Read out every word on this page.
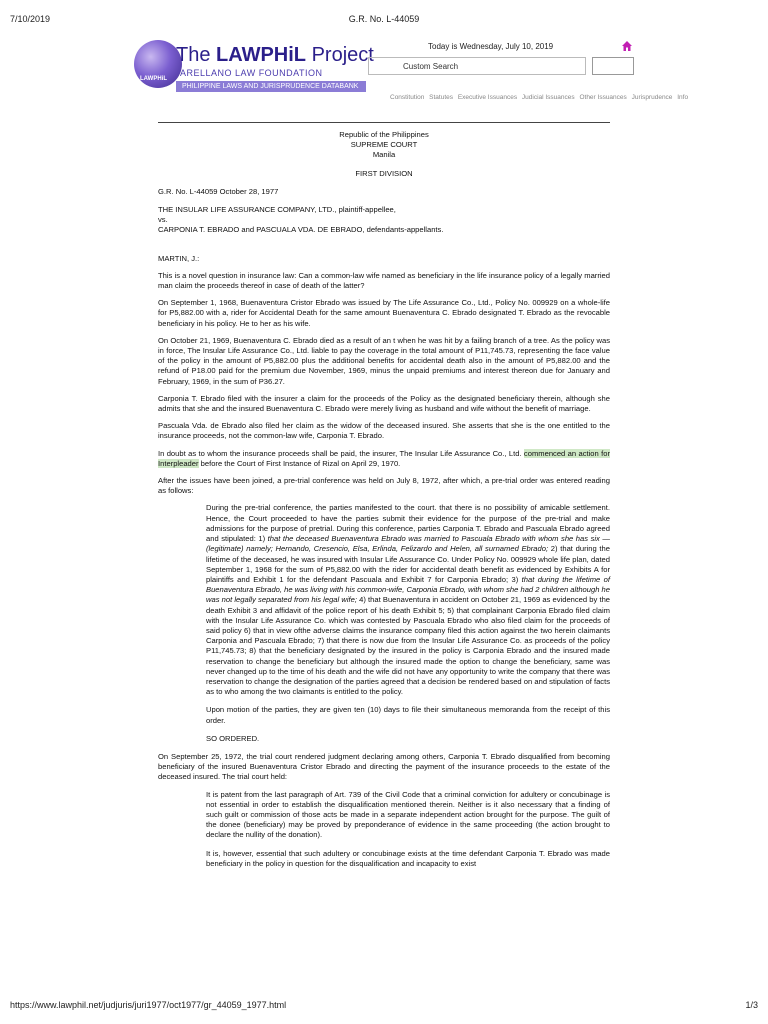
7/10/2019	G.R. No. L-44059
LAWPHiL
The LAWPHiL Project
ARELLANO LAW FOUNDATION
PHILIPPINE LAWS AND JURISPRUDENCE DATABANK
Today is Wednesday, July 10, 2019
Custom Search
Constitution Statutes Executive Issuances Judicial Issuances Other Issuances Jurisprudence Info
Republic of the Philippines
SUPREME COURT
Manila
FIRST DIVISION
G.R. No. L-44059 October 28, 1977
THE INSULAR LIFE ASSURANCE COMPANY, LTD., plaintiff-appellee,
vs.
CARPONIA T. EBRADO and PASCUALA VDA. DE EBRADO, defendants-appellants.

MARTIN, J.:

This is a novel question in insurance law: Can a common-law wife named as beneficiary in the life insurance policy of a legally married man claim the proceeds thereof in case of death of the latter?

On September 1, 1968, Buenaventura Cristor Ebrado was issued by The Life Assurance Co., Ltd., Policy No. 009929 on a whole-life for P5,882.00 with a, rider for Accidental Death for the same amount Buenaventura C. Ebrado designated T. Ebrado as the revocable beneficiary in his policy. He to her as his wife.

On October 21, 1969, Buenaventura C. Ebrado died as a result of an t when he was hit by a failing branch of a tree. As the policy was in force, The Insular Life Assurance Co., Ltd. liable to pay the coverage in the total amount of P11,745.73, representing the face value of the policy in the amount of P5,882.00 plus the additional benefits for accidental death also in the amount of P5,882.00 and the refund of P18.00 paid for the premium due November, 1969, minus the unpaid premiums and interest thereon due for January and February, 1969, in the sum of P36.27.

Carponia T. Ebrado filed with the insurer a claim for the proceeds of the Policy as the designated beneficiary therein, although she admits that she and the insured Buenaventura C. Ebrado were merely living as husband and wife without the benefit of marriage.

Pascuala Vda. de Ebrado also filed her claim as the widow of the deceased insured. She asserts that she is the one entitled to the insurance proceeds, not the common-law wife, Carponia T. Ebrado.

In doubt as to whom the insurance proceeds shall be paid, the insurer, The Insular Life Assurance Co., Ltd. commenced an action for Interpleader before the Court of First Instance of Rizal on April 29, 1970.

After the issues have been joined, a pre-trial conference was held on July 8, 1972, after which, a pre-trial order was entered reading as follows:

During the pre-trial conference, the parties manifested to the court. that there is no possibility of amicable settlement. Hence, the Court proceeded to have the parties submit their evidence for the purpose of the pre-trial and make admissions for the purpose of pretrial. During this conference, parties Carponia T. Ebrado and Pascuala Ebrado agreed and stipulated: 1) that the deceased Buenaventura Ebrado was married to Pascuala Ebrado with whom she has six — (legitimate) namely; Hernando, Cresencio, Elsa, Erlinda, Felizardo and Helen, all surnamed Ebrado; 2) that during the lifetime of the deceased, he was insured with Insular Life Assurance Co. Under Policy No. 009929 whole life plan, dated September 1, 1968 for the sum of P5,882.00 with the rider for accidental death benefit as evidenced by Exhibits A for plaintiffs and Exhibit 1 for the defendant Pascuala and Exhibit 7 for Carponia Ebrado; 3) that during the lifetime of Buenaventura Ebrado, he was living with his common-wife, Carponia Ebrado, with whom she had 2 children although he was not legally separated from his legal wife; 4) that Buenaventura in accident on October 21, 1969 as evidenced by the death Exhibit 3 and affidavit of the police report of his death Exhibit 5; 5) that complainant Carponia Ebrado filed claim with the Insular Life Assurance Co. which was contested by Pascuala Ebrado who also filed claim for the proceeds of said policy 6) that in view ofthe adverse claims the insurance company filed this action against the two herein claimants Carponia and Pascuala Ebrado; 7) that there is now due from the Insular Life Assurance Co. as proceeds of the policy P11,745.73; 8) that the beneficiary designated by the insured in the policy is Carponia Ebrado and the insured made reservation to change the beneficiary but although the insured made the option to change the beneficiary, same was never changed up to the time of his death and the wife did not have any opportunity to write the company that there was reservation to change the designation of the parties agreed that a decision be rendered based on and stipulation of facts as to who among the two claimants is entitled to the policy.

Upon motion of the parties, they are given ten (10) days to file their simultaneous memoranda from the receipt of this order.

SO ORDERED.

On September 25, 1972, the trial court rendered judgment declaring among others, Carponia T. Ebrado disqualified from becoming beneficiary of the insured Buenaventura Cristor Ebrado and directing the payment of the insurance proceeds to the estate of the deceased insured. The trial court held:

It is patent from the last paragraph of Art. 739 of the Civil Code that a criminal conviction for adultery or concubinage is not essential in order to establish the disqualification mentioned therein. Neither is it also necessary that a finding of such guilt or commission of those acts be made in a separate independent action brought for the purpose. The guilt of the donee (beneficiary) may be proved by preponderance of evidence in the same proceeding (the action brought to declare the nullity of the donation).

It is, however, essential that such adultery or concubinage exists at the time defendant Carponia T. Ebrado was made beneficiary in the policy in question for the disqualification and incapacity to exist

https://www.lawphil.net/judjuris/juri1977/oct1977/gr_44059_1977.html	1/3
